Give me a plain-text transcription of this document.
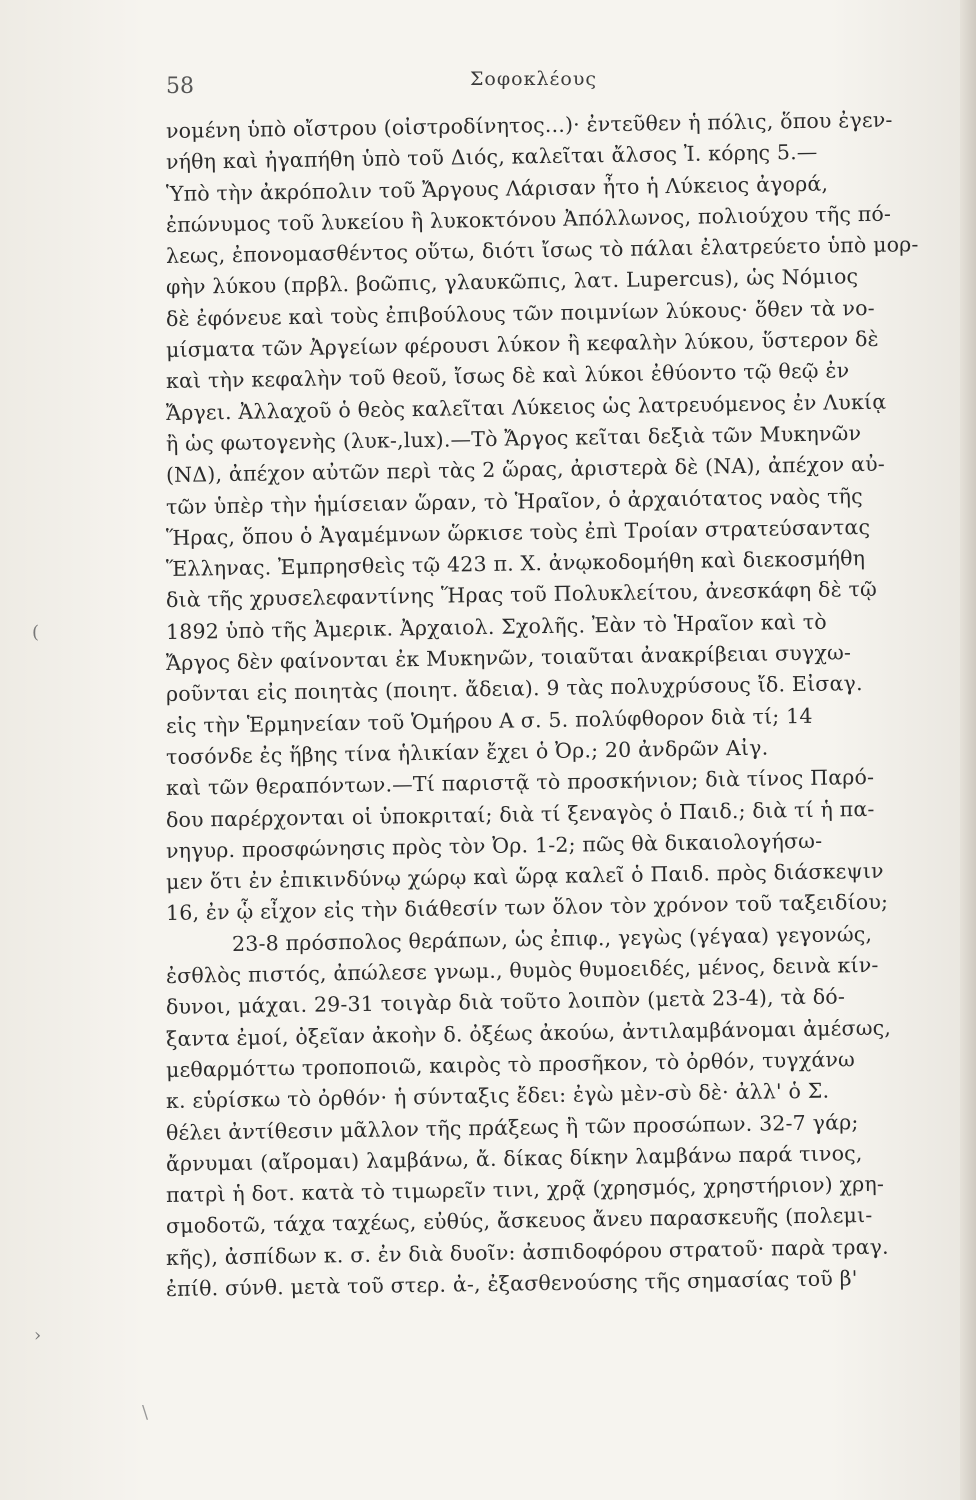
58	Σοφοκλέους
νομένη ὑπὸ οἴστρου (οἰστροδίνητος...)· ἐντεῦθεν ἡ πόλις, ὅπου ἐγεν-
νήθη καὶ ἠγαπήθη ὑπὸ τοῦ Διός, καλεῖται ἄλσος Ἰ. κόρης 5.—
Ὑπὸ τὴν ἀκρόπολιν τοῦ Ἄργους Λάρισαν ἦτο ἡ Λύκειος ἀγορά,
ἐπώνυμος τοῦ λυκείου ἢ λυκοκτόνου Ἀπόλλωνος, πολιούχου τῆς πό-
λεως, ἐπονομασθέντος οὕτω, διότι ἴσως τὸ πάλαι ἐλατρεύετο ὑπὸ μορ-
φὴν λύκου (πρβλ. βοῶπις, γλαυκῶπις, λατ. Lupercus), ὡς Νόμιος
δὲ ἐφόνευε καὶ τοὺς ἐπιβούλους τῶν ποιμνίων λύκους· ὅθεν τὰ νο-
μίσματα τῶν Ἀργείων φέρουσι λύκον ἢ κεφαλὴν λύκου, ὕστερον δὲ
καὶ τὴν κεφαλὴν τοῦ θεοῦ, ἴσως δὲ καὶ λύκοι ἐθύοντο τῷ θεῷ ἐν
Ἄργει. Ἀλλαχοῦ ὁ θεὸς καλεῖται Λύκειος ὡς λατρευόμενος ἐν Λυκίᾳ
ἢ ὡς φωτογενὴς (λυκ-,lux).—Τὸ Ἄργος κεῖται δεξιὰ τῶν Μυκηνῶν
(ΝΔ), ἀπέχον αὐτῶν περὶ τὰς 2 ὥρας, ἀριστερὰ δὲ (ΝΑ), ἀπέχον αὐ-
τῶν ὑπὲρ τὴν ἡμίσειαν ὥραν, τὸ Ἡραῖον, ὁ ἀρχαιότατος ναὸς τῆς
Ἥρας, ὅπου ὁ Ἀγαμέμνων ὥρκισε τοὺς ἐπὶ Τροίαν στρατεύσαντας
Ἕλληνας. Ἐμπρησθεὶς τῷ 423 π. Χ. ἀνῳκοδομήθη καὶ διεκοσμήθη
διὰ τῆς χρυσελεφαντίνης Ἥρας τοῦ Πολυκλείτου, ἀνεσκάφη δὲ τῷ
1892 ὑπὸ τῆς Ἀμερικ. Ἀρχαιολ. Σχολῆς. Ἐὰν τὸ Ἡραῖον καὶ τὸ
Ἄργος δὲν φαίνονται ἐκ Μυκηνῶν, τοιαῦται ἀνακρίβειαι συγχω-
ροῦνται εἰς ποιητὰς (ποιητ. ἄδεια). 9 τὰς πολυχρύσους ἴδ. Εἰσαγ.
εἰς τὴν Ἑρμηνείαν τοῦ Ὁμήρου Α σ. 5. πολύφθορον διὰ τί; 14
τοσόνδε ἐς ἥβης τίνα ἡλικίαν ἔχει ὁ Ὀρ.; 20 ἀνδρῶν Αἰγ.
καὶ τῶν θεραπόντων.—Τί παριστᾷ τὸ προσκήνιον; διὰ τίνος Παρό-
δου παρέρχονται οἱ ὑποκριταί; διὰ τί ξεναγὸς ὁ Παιδ.; διὰ τί ἡ πα-
νηγυρ. προσφώνησις πρὸς τὸν Ὀρ. 1-2; πῶς θὰ δικαιολογήσω-
μεν ὅτι ἐν ἐπικινδύνῳ χώρῳ καὶ ὥρᾳ καλεῖ ὁ Παιδ. πρὸς διάσκεψιν
16, ἐν ᾧ εἶχον εἰς τὴν διάθεσίν των ὅλον τὸν χρόνον τοῦ ταξειδίου;
23-8 πρόσπολος θεράπων, ὡς ἐπιφ., γεγὼς (γέγαα) γεγονώς,
ἐσθλὸς πιστός, ἀπώλεσε γνωμ., θυμὸς θυμοειδές, μένος, δεινὰ κίν-
δυνοι, μάχαι. 29-31 τοιγὰρ διὰ τοῦτο λοιπὸν (μετὰ 23-4), τὰ δό-
ξαντα ἐμοί, ὀξεῖαν ἀκοὴν δ. ὀξέως ἀκούω, ἀντιλαμβάνομαι ἀμέσως,
μεθαρμόττω τροποποιῶ, καιρὸς τὸ προσῆκον, τὸ ὀρθόν, τυγχάνω
κ. εὑρίσκω τὸ ὀρθόν· ἡ σύνταξις ἔδει: ἐγὼ μὲν-σὺ δὲ· ἀλλ' ὁ Σ.
θέλει ἀντίθεσιν μᾶλλον τῆς πράξεως ἢ τῶν προσώπων. 32-7 γάρ;
ἄρνυμαι (αἴρομαι) λαμβάνω, ἄ. δίκας δίκην λαμβάνω παρά τινος,
πατρὶ ἡ δοτ. κατὰ τὸ τιμωρεῖν τινι, χρᾷ (χρησμός, χρηστήριον) χρη-
σμοδοτῶ, τάχα ταχέως, εὐθύς, ἄσκευος ἄνευ παρασκευῆς (πολεμι-
κῆς), ἀσπίδων κ. σ. ἐν διὰ δυοῖν: ἀσπιδοφόρου στρατοῦ· παρὰ τραγ.
ἐπίθ. σύνθ. μετὰ τοῦ στερ. ἀ-, ἐξασθενούσης τῆς σημασίας τοῦ β'
(
›
\
